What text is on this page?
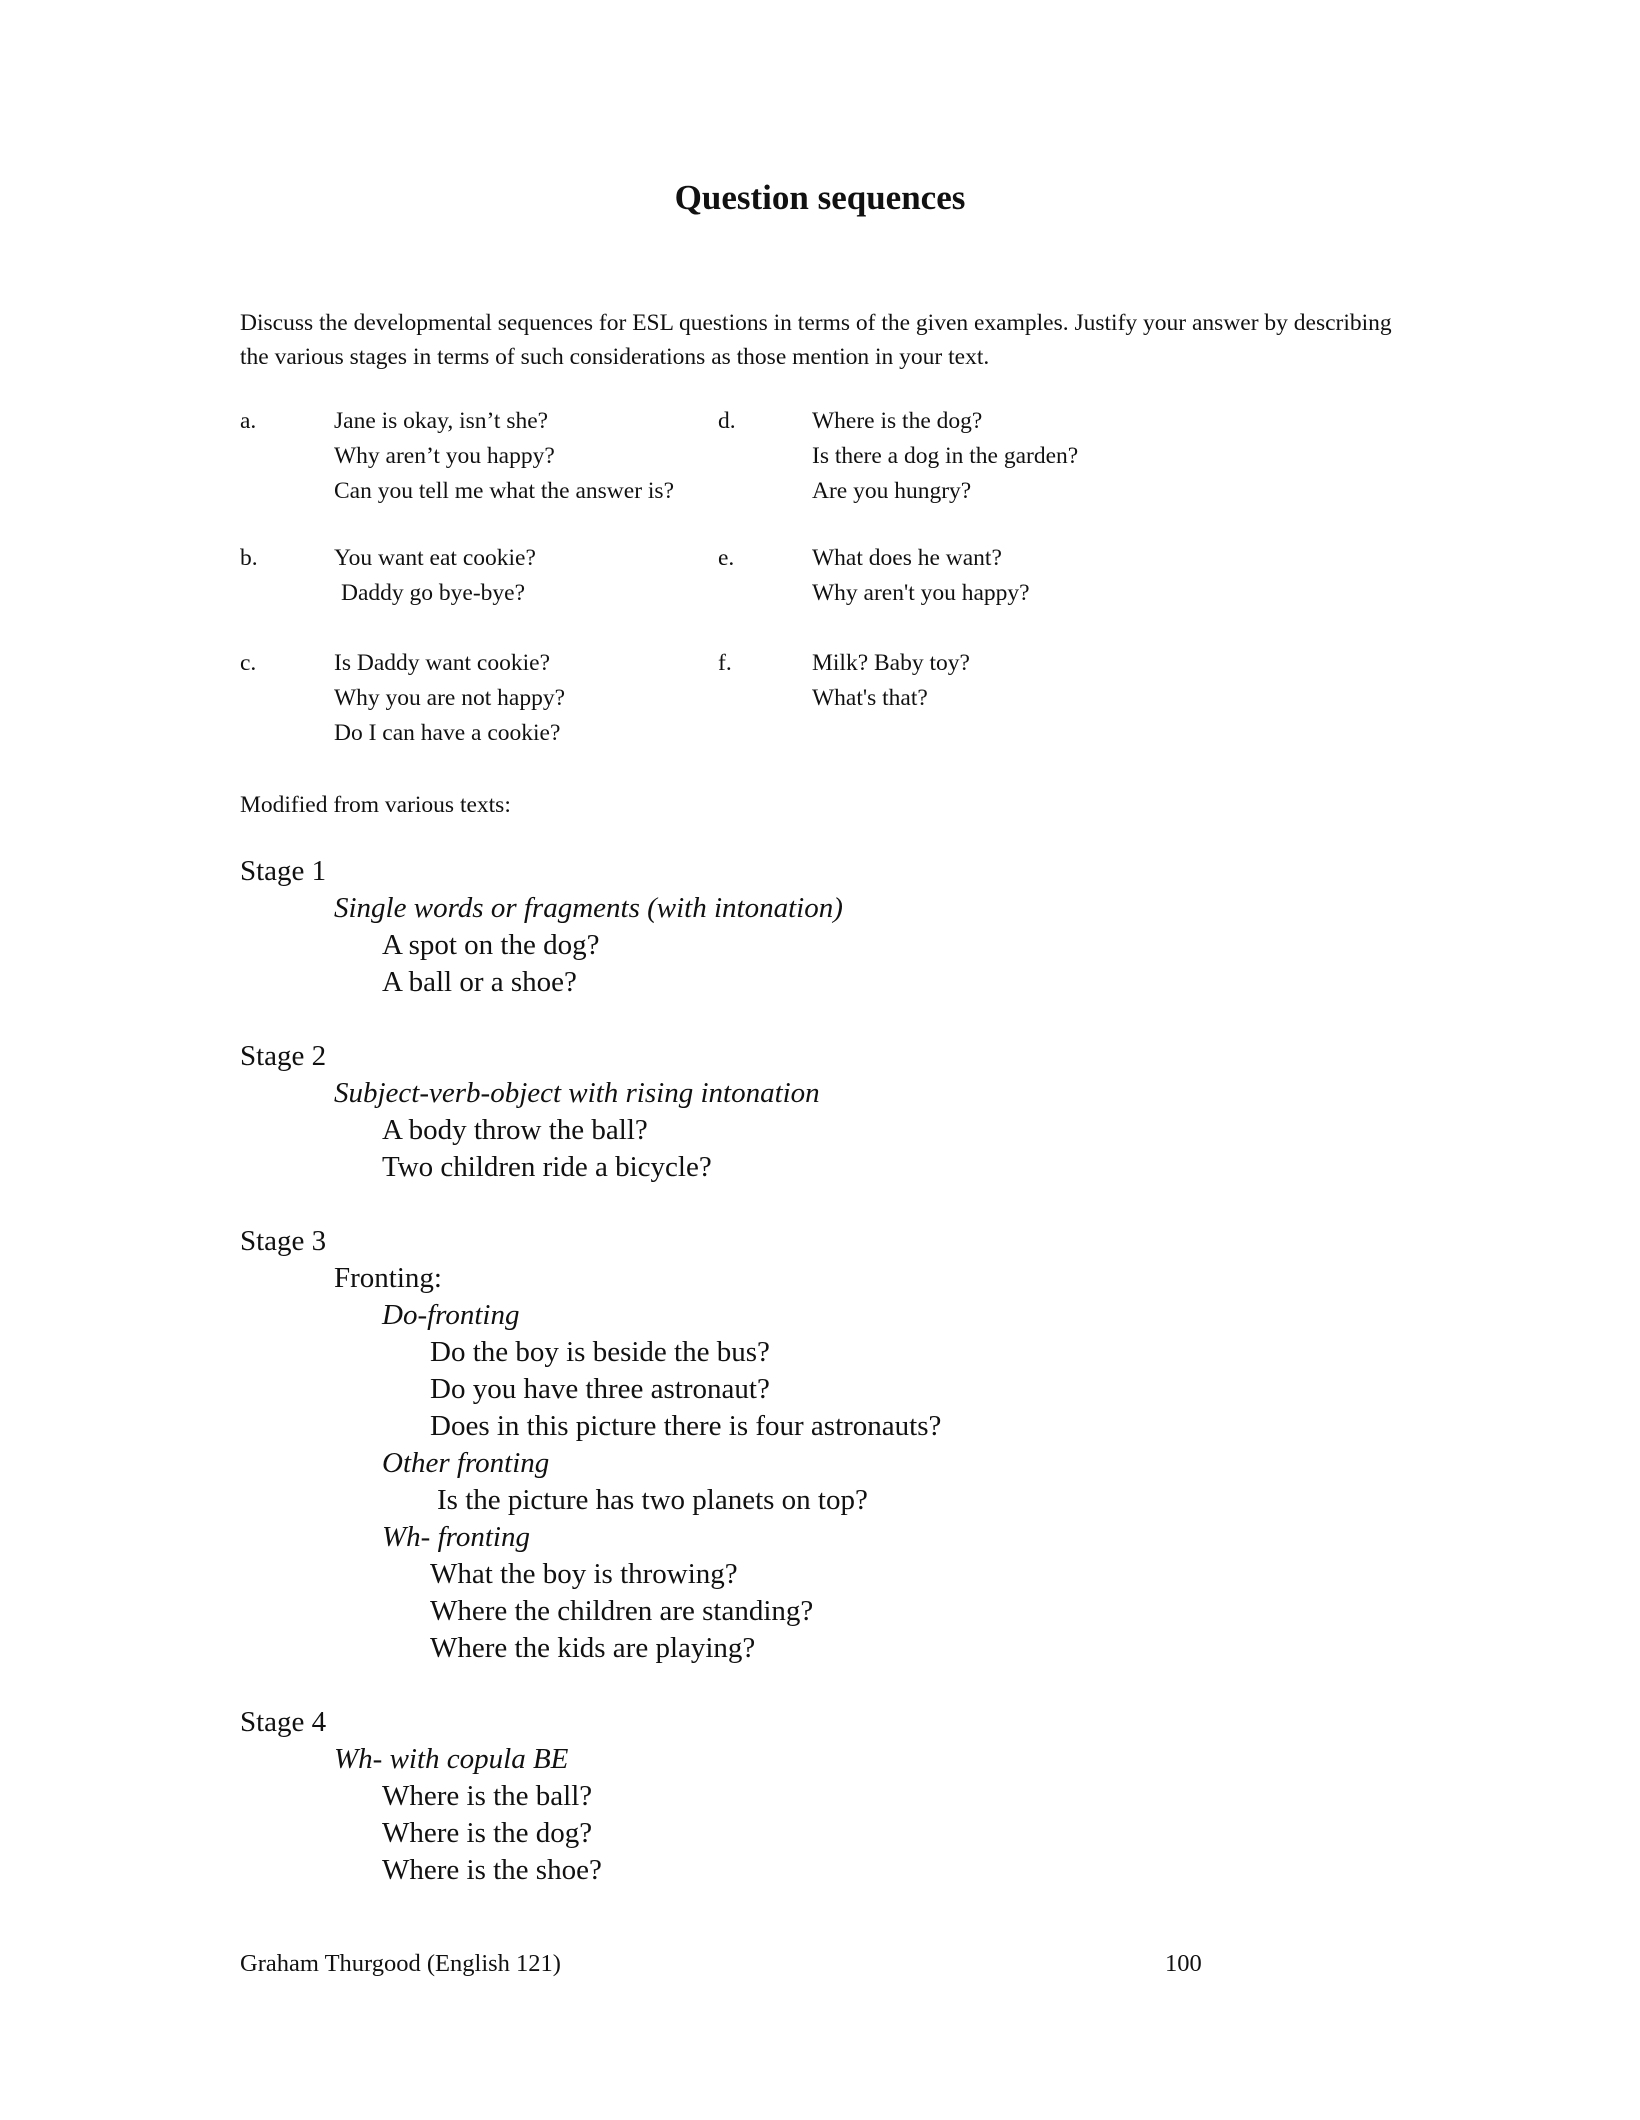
Question sequences

Discuss the developmental sequences for ESL questions in terms of the given examples. Justify your answer by describing the various stages in terms of such considerations as those mention in your text.

a.	Jane is okay, isn’t she?
Why aren’t you happy?
Can you tell me what the answer is?
b.	You want eat cookie?
Daddy go bye-bye?
c.	Is Daddy want cookie?
Why you are not happy?
Do I can have a cookie?
d.	Where is the dog?
Is there a dog in the garden?
Are you hungry?
e.	What does he want?
Why aren't you happy?
f.	Milk? Baby toy?
What's that?
Modified from various texts:
Stage 1
Single words or fragments (with intonation)
A spot on the dog?
A ball or a shoe?
Stage 2
Subject-verb-object with rising intonation
A body throw the ball?
Two children ride a bicycle?
Stage 3
Fronting:
Do-fronting
Do the boy is beside the bus?
Do you have three astronaut?
Does in this picture there is four astronauts?
Other fronting
Is the picture has two planets on top?
Wh- fronting
What the boy is throwing?
Where the children are standing?
Where the kids are playing?
Stage 4
Wh- with copula BE
Where is the ball?
Where is the dog?
Where is the shoe?
Graham Thurgood (English 121)	100
